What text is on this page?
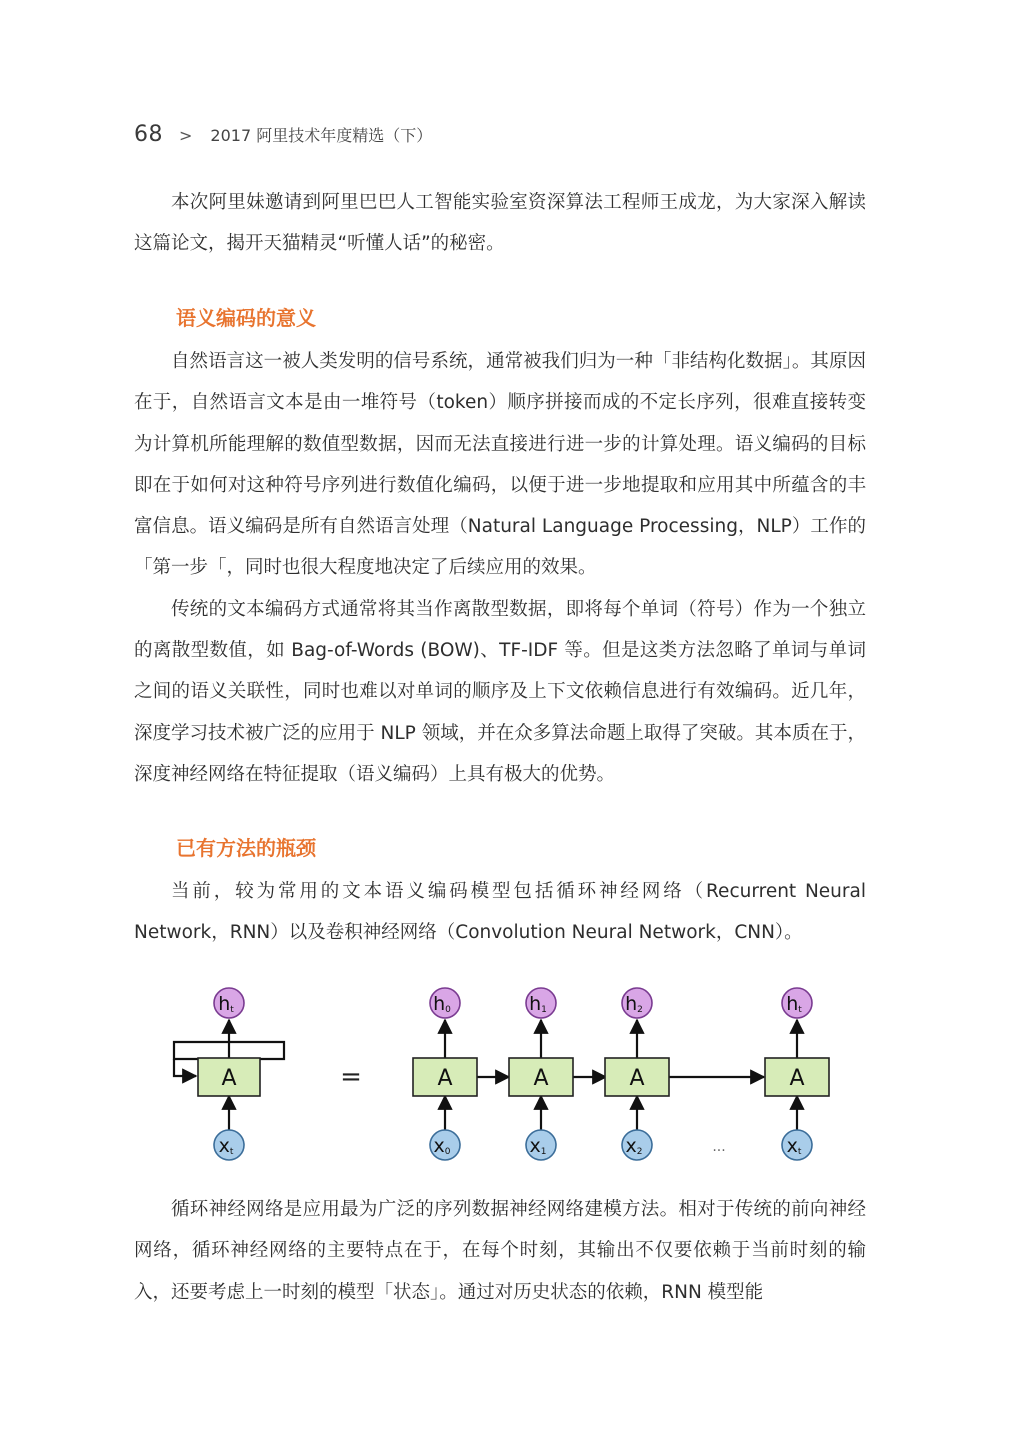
68 > 2017 阿里技术年度精选（下）

本次阿里妹邀请到阿里巴巴人工智能实验室资深算法工程师王成龙，为大家深入解读这篇论文，揭开天猫精灵“听懂人话”的秘密。

语义编码的意义

自然语言这一被人类发明的信号系统，通常被我们归为一种「非结构化数据」。其原因在于，自然语言文本是由一堆符号（token）顺序拼接而成的不定长序列，很难直接转变为计算机所能理解的数值型数据，因而无法直接进行进一步的计算处理。语义编码的目标即在于如何对这种符号序列进行数值化编码，以便于进一步地提取和应用其中所蕴含的丰富信息。语义编码是所有自然语言处理（Natural Language Processing，NLP）工作的「第一步「，同时也很大程度地决定了后续应用的效果。

传统的文本编码方式通常将其当作离散型数据，即将每个单词（符号）作为一个独立的离散型数值，如 Bag-of-Words (BOW)、TF-IDF 等。但是这类方法忽略了单词与单词之间的语义关联性，同时也难以对单词的顺序及上下文依赖信息进行有效编码。近几年，深度学习技术被广泛的应用于 NLP 领域，并在众多算法命题上取得了突破。其本质在于，深度神经网络在特征提取（语义编码）上具有极大的优势。

已有方法的瓶颈

当前，较为常用的文本语义编码模型包括循环神经网络（Recurrent Neural Network，RNN）以及卷积神经网络（Convolution Neural Network，CNN）。

A
ht
xt
=
...
A
h0
x0
A
h1
x1
A
h2
x2
A
ht
xt

循环神经网络是应用最为广泛的序列数据神经网络建模方法。相对于传统的前向神经网络，循环神经网络的主要特点在于，在每个时刻，其输出不仅要依赖于当前时刻的输入，还要考虑上一时刻的模型「状态」。通过对历史状态的依赖，RNN 模型能
